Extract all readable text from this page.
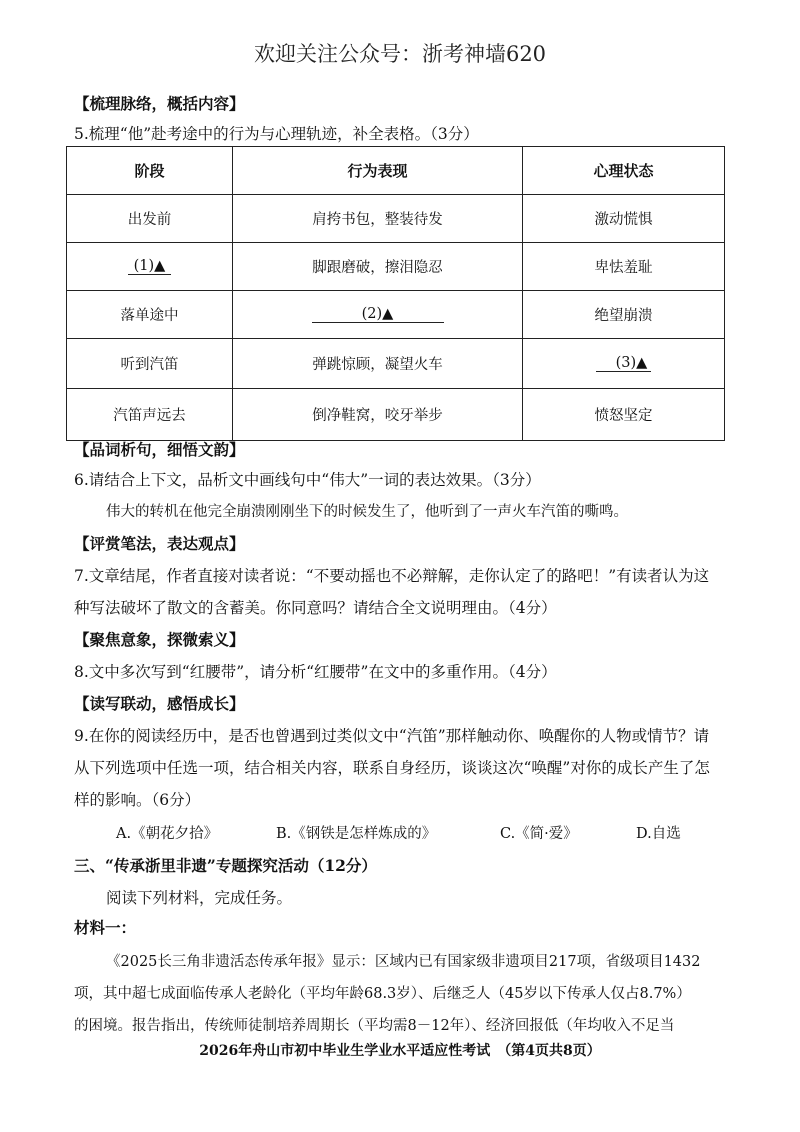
欢迎关注公众号：浙考神墙620
【梳理脉络，概括内容】
5.梳理“他”赴考途中的行为与心理轨迹，补全表格。（3分）
阶段	行为表现	心理状态
出发前	肩挎书包，整装待发	激动慌惧
(1)▲	脚跟磨破，擦泪隐忍	卑怯羞耻
落单途中	(2)▲	绝望崩溃
听到汽笛	弹跳惊顾，凝望火车	(3)▲
汽笛声远去	倒净鞋窝，咬牙举步	愤怒坚定
【品词析句，细悟文韵】
6.请结合上下文，品析文中画线句中“伟大”一词的表达效果。（3分）
伟大的转机在他完全崩溃刚刚坐下的时候发生了，他听到了一声火车汽笛的嘶鸣。
【评赏笔法，表达观点】
7.文章结尾，作者直接对读者说：“不要动摇也不必辩解，走你认定了的路吧！”有读者认为这
种写法破坏了散文的含蓄美。你同意吗？请结合全文说明理由。（4分）
【聚焦意象，探微索义】
8.文中多次写到“红腰带”，请分析“红腰带”在文中的多重作用。（4分）
【读写联动，感悟成长】
9.在你的阅读经历中，是否也曾遇到过类似文中“汽笛”那样触动你、唤醒你的人物或情节？请
从下列选项中任选一项，结合相关内容，联系自身经历，谈谈这次“唤醒”对你的成长产生了怎
样的影响。（6分）
A.《朝花夕拾》	B.《钢铁是怎样炼成的》	C.《简·爱》	D.自选
三、“传承浙里非遗”专题探究活动（12分）
阅读下列材料，完成任务。
材料一：
《2025长三角非遗活态传承年报》显示：区域内已有国家级非遗项目217项，省级项目1432
项，其中超七成面临传承人老龄化（平均年龄68.3岁）、后继乏人（45岁以下传承人仅占8.7%）
的困境。报告指出，传统师徒制培养周期长（平均需8－12年）、经济回报低（年均收入不足当
2026年舟山市初中毕业生学业水平适应性考试　（第4页共8页）
